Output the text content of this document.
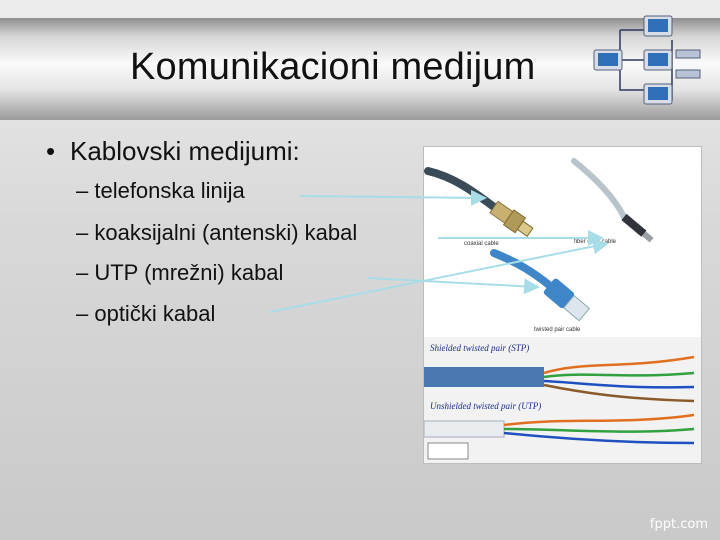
Komunikacioni medijum
• Kablovski medijumi:
– telefonska linija
– koaksijalni (antenski) kabal
– UTP (mrežni) kabal
– optički kabal
coaxial cable	fiber optic cable
twisted pair cable
Shielded twisted pair (STP)
Unshielded twisted pair (UTP)
fppt.com
